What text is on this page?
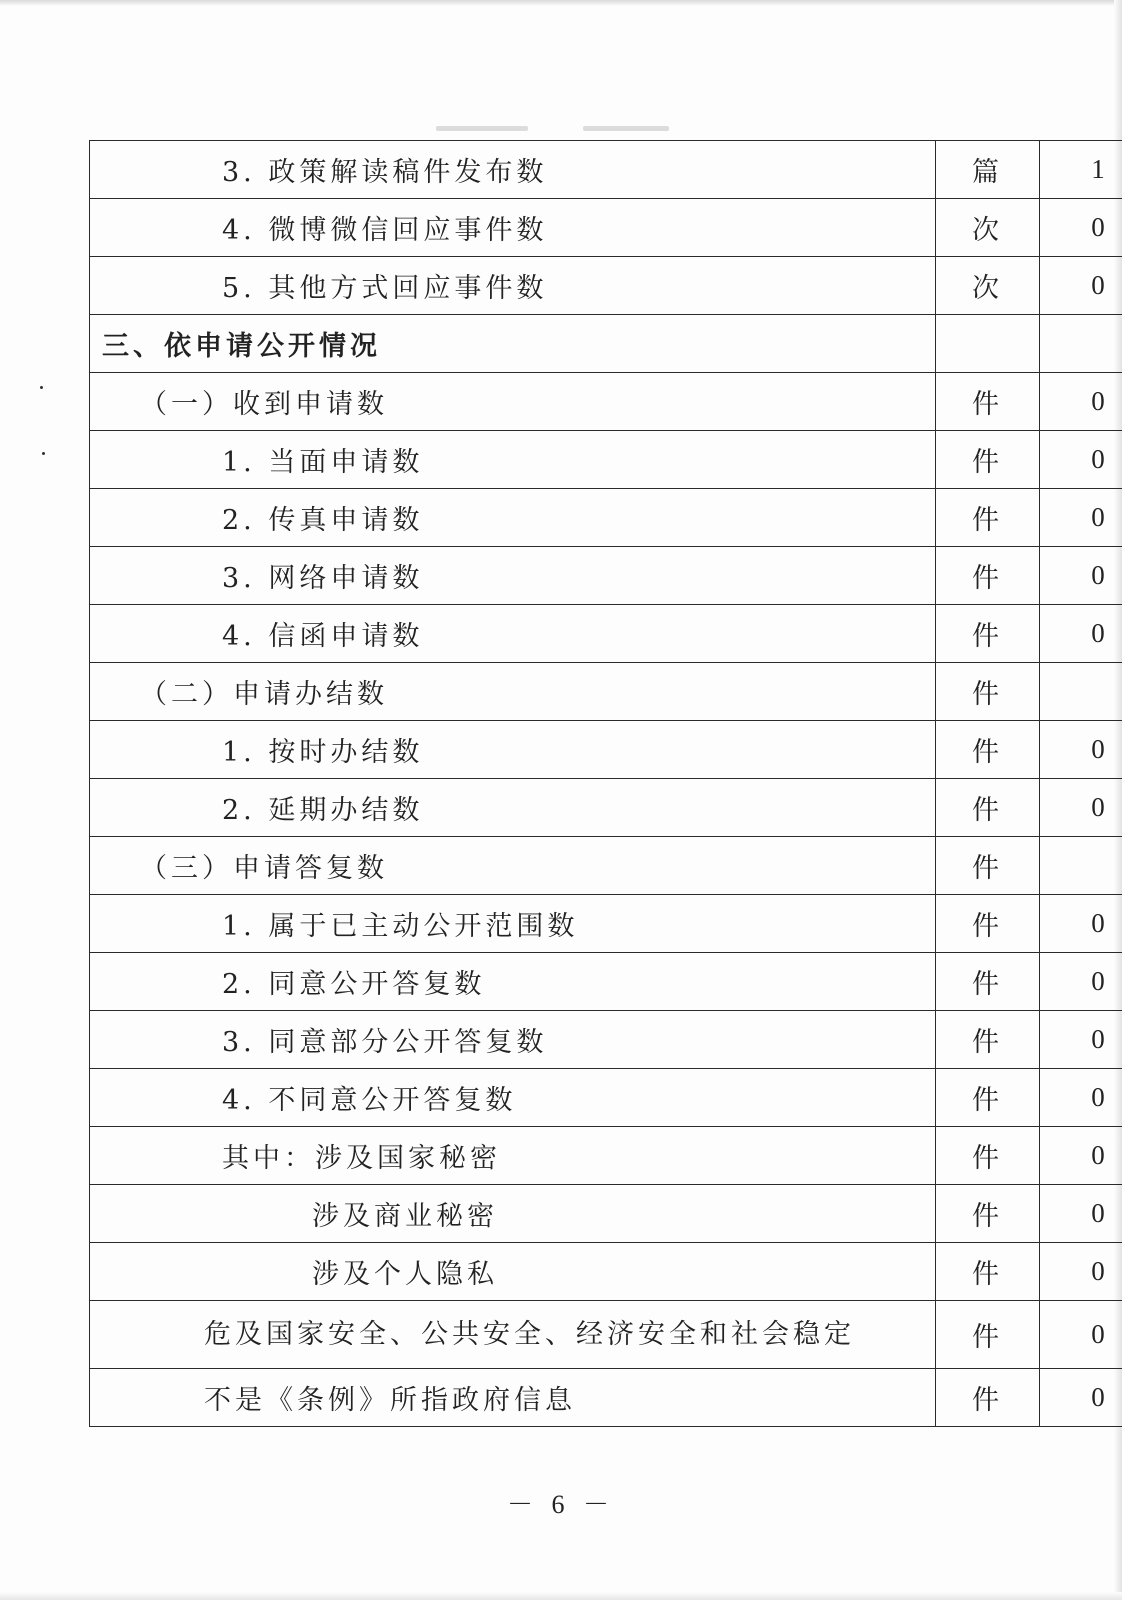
3. 政策解读稿件发布数	篇	1
4. 微博微信回应事件数	次	0
5. 其他方式回应事件数	次	0
三、依申请公开情况		
（一）收到申请数	件	0
1. 当面申请数	件	0
2. 传真申请数	件	0
3. 网络申请数	件	0
4. 信函申请数	件	0
（二）申请办结数	件	
1. 按时办结数	件	0
2. 延期办结数	件	0
（三）申请答复数	件	
1. 属于已主动公开范围数	件	0
2. 同意公开答复数	件	0
3. 同意部分公开答复数	件	0
4. 不同意公开答复数	件	0
其中：涉及国家秘密	件	0
涉及商业秘密	件	0
涉及个人隐私	件	0

危及国家安全、公共安全、经济安全和社会稳定	件	0
不是《条例》所指政府信息	件	0
－ 6 －
